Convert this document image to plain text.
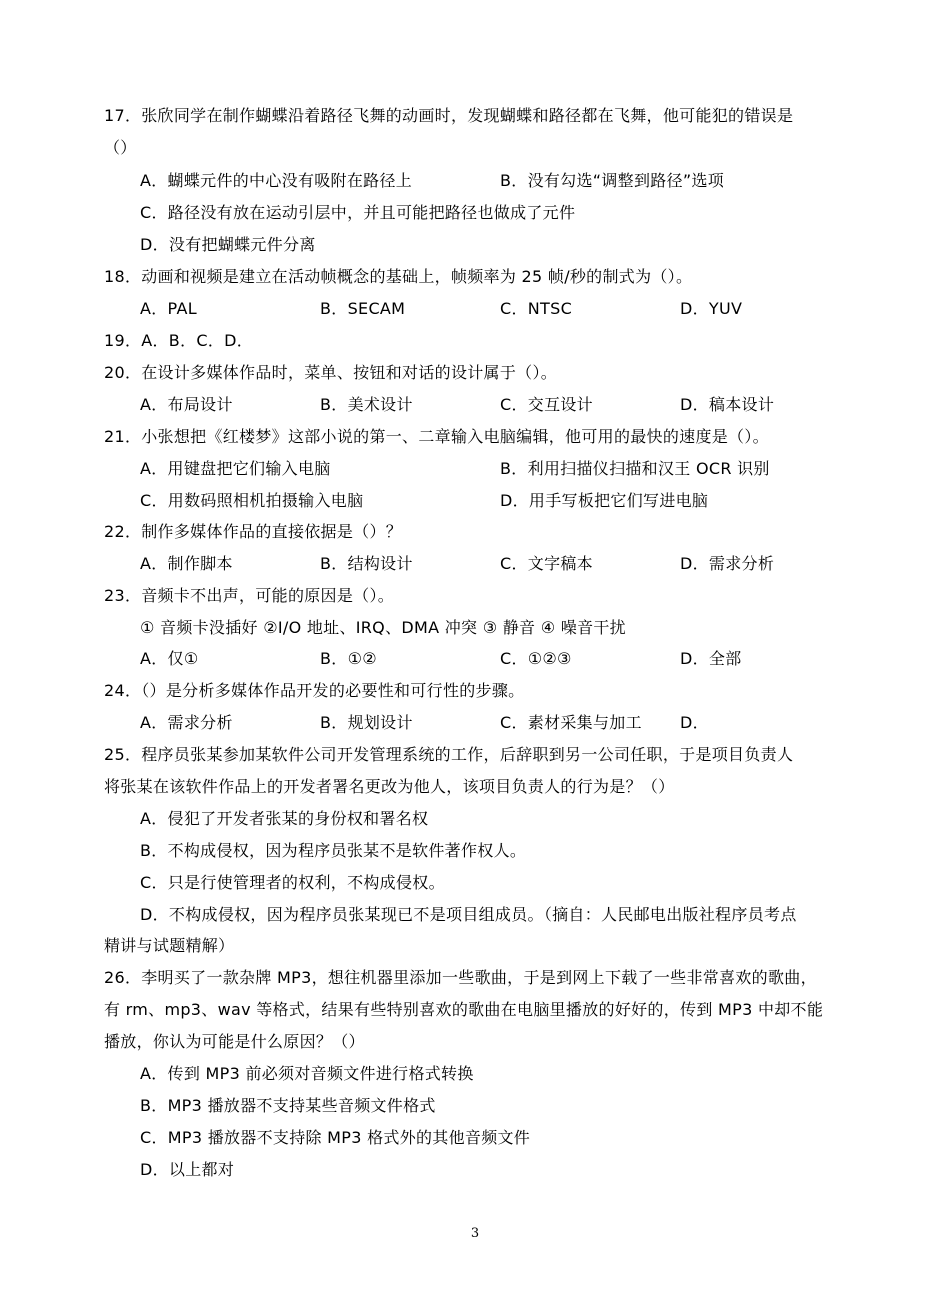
17．张欣同学在制作蝴蝶沿着路径飞舞的动画时，发现蝴蝶和路径都在飞舞，他可能犯的错误是
（）
A．蝴蝶元件的中心没有吸附在路径上	B．没有勾选“调整到路径”选项
C．路径没有放在运动引层中，并且可能把路径也做成了元件
D．没有把蝴蝶元件分离
18．动画和视频是建立在活动帧概念的基础上，帧频率为 25 帧/秒的制式为（）。
A．PAL	B．SECAM	C．NTSC	D．YUV
19．A．B．C．D．
20．在设计多媒体作品时，菜单、按钮和对话的设计属于（）。
A．布局设计	B．美术设计	C．交互设计	D．稿本设计
21．小张想把《红楼梦》这部小说的第一、二章输入电脑编辑，他可用的最快的速度是（）。
A．用键盘把它们输入电脑	B．利用扫描仪扫描和汉王 OCR 识别
C．用数码照相机拍摄输入电脑	D．用手写板把它们写进电脑
22．制作多媒体作品的直接依据是（）？
A．制作脚本	B．结构设计	C．文字稿本	D．需求分析
23．音频卡不出声，可能的原因是（）。
① 音频卡没插好 ②I/O 地址、IRQ、DMA 冲突 ③ 静音 ④ 噪音干扰
A．仅①	B．①②	C．①②③	D．全部
24．（）是分析多媒体作品开发的必要性和可行性的步骤。
A．需求分析	B．规划设计	C．素材采集与加工 D．
25．程序员张某参加某软件公司开发管理系统的工作，后辞职到另一公司任职，于是项目负责人
将张某在该软件作品上的开发者署名更改为他人，该项目负责人的行为是？（）
A．侵犯了开发者张某的身份权和署名权
B．不构成侵权，因为程序员张某不是软件著作权人。
C．只是行使管理者的权利，不构成侵权。
D．不构成侵权，因为程序员张某现已不是项目组成员。（摘自：人民邮电出版社程序员考点
精讲与试题精解）
26．李明买了一款杂牌 MP3，想往机器里添加一些歌曲，于是到网上下载了一些非常喜欢的歌曲，
有 rm、mp3、wav 等格式，结果有些特别喜欢的歌曲在电脑里播放的好好的，传到 MP3 中却不能
播放，你认为可能是什么原因？（）
A．传到 MP3 前必须对音频文件进行格式转换
B．MP3 播放器不支持某些音频文件格式
C．MP3 播放器不支持除 MP3 格式外的其他音频文件
D．以上都对
3
